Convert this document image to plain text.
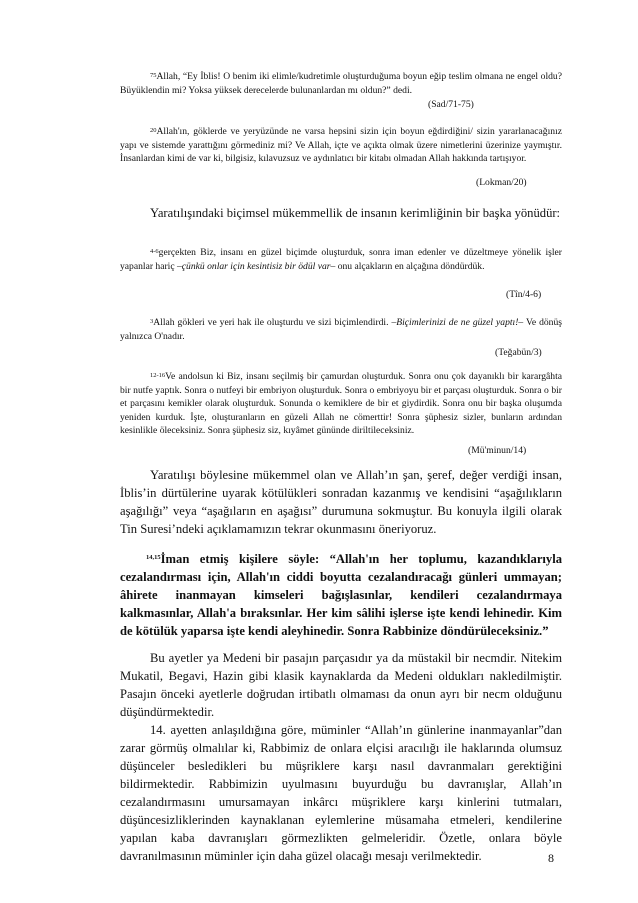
$^{75}$Allah, “Ey İblis! O benim iki elimle/kudretimle oluşturduğuma boyun eğip teslim olmana ne engel oldu? Büyüklendin mi? Yoksa yüksek derecelerde bulunanlardan mı oldun?” dedi.

(Sad/71-75)

$^{20}$Allah'ın, göklerde ve yeryüzünde ne varsa hepsini sizin için boyun eğdirdiğini/ sizin yararlanacağınız yapı ve sistemde yarattığını görmediniz mi? Ve Allah, içte ve açıkta olmak üzere nimetlerini üzerinize yaymıştır. İnsanlardan kimi de var ki, bilgisiz, kılavuzsuz ve aydınlatıcı bir kitabı olmadan Allah hakkında tartışıyor.

(Lokman/20)

Yaratılışındaki biçimsel mükemmellik de insanın kerimliğinin bir başka yönüdür:

$^{4-6}$gerçekten Biz, insanı en güzel biçimde oluşturduk, sonra iman edenler ve düzeltmeye yönelik işler yapanlar hariç –çünkü onlar için kesintisiz bir ödül var– onu alçakların en alçağına döndürdük.

(Tîn/4-6)

$^3$Allah gökleri ve yeri hak ile oluşturdu ve sizi biçimlendirdi. –Biçimlerinizi de ne güzel yaptı!– Ve dönüş yalnızca O'nadır.

(Teğabün/3)

$^{12-16}$Ve andolsun ki Biz, insanı seçilmiş bir çamurdan oluşturduk. Sonra onu çok dayanıklı bir karargâhta bir nutfe yaptık. Sonra o nutfeyi bir embriyon oluşturduk. Sonra o embriyoyu bir et parçası oluşturduk. Sonra o bir et parçasını kemikler olarak oluşturduk. Sonunda o kemiklere de bir et giydirdik. Sonra onu bir başka oluşumda yeniden kurduk. İşte, oluşturanların en güzeli Allah ne cömerttir! Sonra şüphesiz sizler, bunların ardından kesinlikle öleceksiniz. Sonra şüphesiz siz, kıyâmet gününde diriltileceksiniz.

(Mü'minun/14)

Yaratılışı böylesine mükemmel olan ve Allah’ın şan, şeref, değer verdiği insan, İblis’in dürtülerine uyarak kötülükleri sonradan kazanmış ve kendisini “aşağılıkların aşağılığı” veya “aşağıların en aşağısı” durumuna sokmuştur. Bu konuyla ilgili olarak Tin Suresi’ndeki açıklamamızın tekrar okunmasını öneriyoruz.

$^{14,15}$İman etmiş kişilere söyle: “Allah'ın her toplumu, kazandıklarıyla cezalandırması için, Allah'ın ciddi boyutta cezalandıracağı günleri ummayan; âhirete inanmayan kimseleri bağışlasınlar, kendileri cezalandırmaya kalkmasınlar, Allah'a bıraksınlar. Her kim sâlihi işlerse işte kendi lehinedir. Kim de kötülük yaparsa işte kendi aleyhinedir. Sonra Rabbinize döndürüleceksiniz.”

Bu ayetler ya Medeni bir pasajın parçasıdır ya da müstakil bir necmdir. Nitekim Mukatil, Begavi, Hazin gibi klasik kaynaklarda da Medeni oldukları nakledilmiştir. Pasajın önceki ayetlerle doğrudan irtibatlı olmaması da onun ayrı bir necm olduğunu düşündürmektedir.

14. ayetten anlaşıldığına göre, müminler “Allah’ın günlerine inanmayanlar”dan zarar görmüş olmalılar ki, Rabbimiz de onlara elçisi aracılığı ile haklarında olumsuz düşünceler besledikleri bu müşriklere karşı nasıl davranmaları gerektiğini bildirmektedir. Rabbimizin uyulmasını buyurduğu bu davranışlar, Allah’ın cezalandırmasını umursamayan inkârcı müşriklere karşı kinlerini tutmaları, düşüncesizliklerinden kaynaklanan eylemlerine müsamaha etmeleri, kendilerine yapılan kaba davranışları görmezlikten gelmeleridir. Özetle, onlara böyle davranılmasının müminler için daha güzel olacağı mesajı verilmektedir.	8
